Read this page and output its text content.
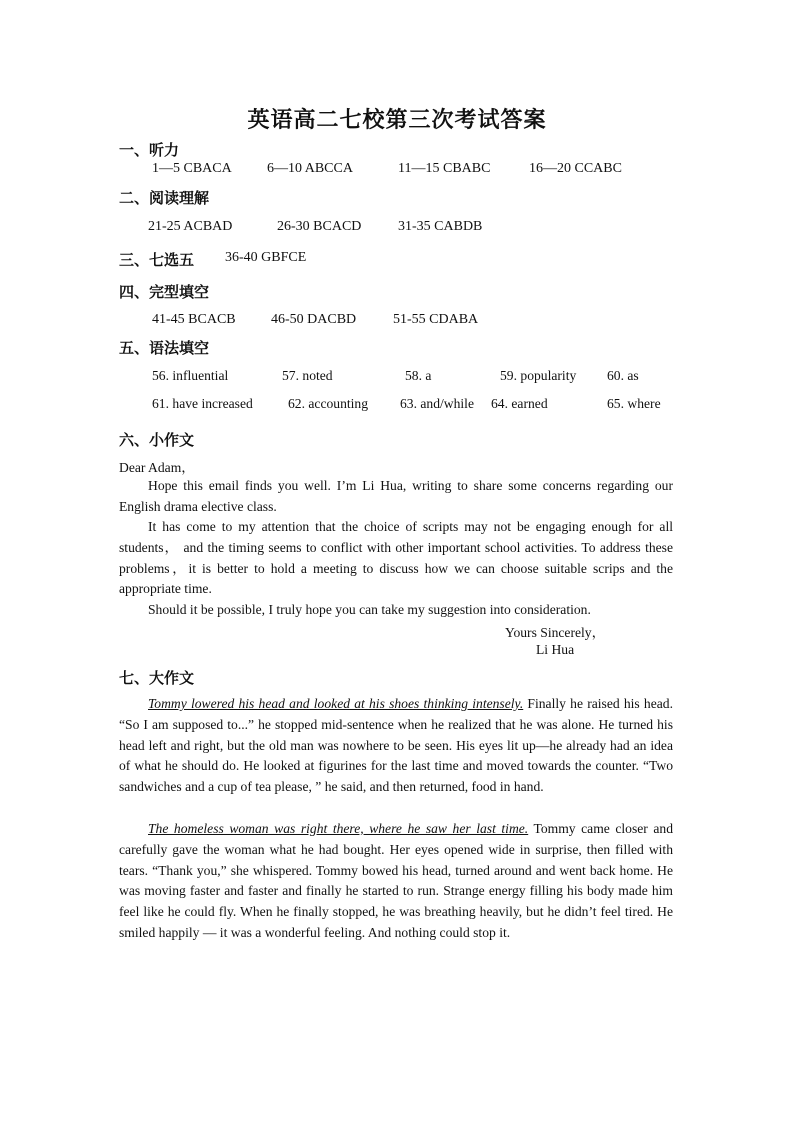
英语高二七校第三次考试答案
一、听力
1—5 CBACA	6—10 ABCCA	11—15 CBABC	16—20 CCABC
二、阅读理解
21-25 ACBAD	26-30 BCACD	31-35 CABDB
三、七选五 36-40 GBFCE
四、完型填空
41-45 BCACB	46-50 DACBD	51-55 CDABA
五、语法填空
56. influential	57. noted	58. a	59. popularity 60. as
61. have increased	62. accounting 63. and/while 64. earned	65. where
六、小作文
Dear Adam，
Hope this email finds you well. I’m Li Hua, writing to share some concerns regarding our English drama elective class.
It has come to my attention that the choice of scripts may not be engaging enough for all students， and the timing seems to conflict with other important school activities. To address these problems，it is better to hold a meeting to discuss how we can choose suitable scrips and the appropriate time.
Should it be possible, I truly hope you can take my suggestion into consideration.
Yours Sincerely，
Li Hua
七、大作文
Tommy lowered his head and looked at his shoes thinking intensely. Finally he raised his head. “So I am supposed to...” he stopped mid-sentence when he realized that he was alone. He turned his head left and right, but the old man was nowhere to be seen. His eyes lit up—he already had an idea of what he should do. He looked at figurines for the last time and moved towards the counter. “Two sandwiches and a cup of tea please, ” he said, and then returned, food in hand.
The homeless woman was right there, where he saw her last time. Tommy came closer and carefully gave the woman what he had bought. Her eyes opened wide in surprise, then filled with tears. “Thank you,” she whispered. Tommy bowed his head, turned around and went back home. He was moving faster and faster and finally he started to run. Strange energy filling his body made him feel like he could fly. When he finally stopped, he was breathing heavily, but he didn’t feel tired. He smiled happily — it was a wonderful feeling. And nothing could stop it.
